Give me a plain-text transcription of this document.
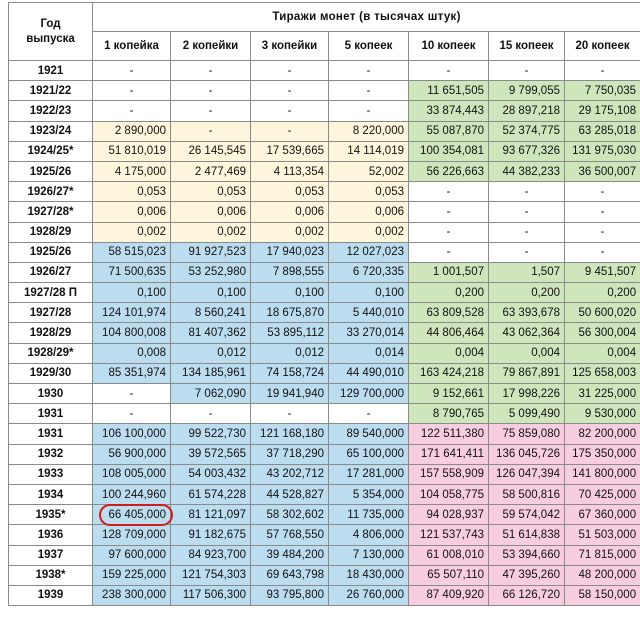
Год
выпуска	Тиражи монет (в тысячах штук)						
	1 копейка	2 копейки	3 копейки	5 копеек	10 копеек	15 копеек	20 копеек
1921	-	-	-	-	-	-	-
1921/22	-	-	-	-	11 651,505	9 799,055	7 750,035
1922/23	-	-	-	-	33 874,443	28 897,218	29 175,108
1923/24	2 890,000	-	-	8 220,000	55 087,870	52 374,775	63 285,018
1924/25*	51 810,019	26 145,545	17 539,665	14 114,019	100 354,081	93 677,326	131 975,030
1925/26	4 175,000	2 477,469	4 113,354	52,002	56 226,663	44 382,233	36 500,007
1926/27*	0,053	0,053	0,053	0,053	-	-	-
1927/28*	0,006	0,006	0,006	0,006	-	-	-
1928/29	0,002	0,002	0,002	0,002	-	-	-
1925/26	58 515,023	91 927,523	17 940,023	12 027,023	-	-	-
1926/27	71 500,635	53 252,980	7 898,555	6 720,335	1 001,507	1,507	9 451,507
1927/28 П	0,100	0,100	0,100	0,100	0,200	0,200	0,200
1927/28	124 101,974	8 560,241	18 675,870	5 440,010	63 809,528	63 393,678	50 600,020
1928/29	104 800,008	81 407,362	53 895,112	33 270,014	44 806,464	43 062,364	56 300,004
1928/29*	0,008	0,012	0,012	0,014	0,004	0,004	0,004
1929/30	85 351,974	134 185,961	74 158,724	44 490,010	163 424,218	79 867,891	125 658,003
1930	-	7 062,090	19 941,940	129 700,000	9 152,661	17 998,226	31 225,000
1931	-	-	-	-	8 790,765	5 099,490	9 530,000
1931	106 100,000	99 522,730	121 168,180	89 540,000	122 511,380	75 859,080	82 200,000
1932	56 900,000	39 572,565	37 718,290	65 100,000	171 641,411	136 045,726	175 350,000
1933	108 005,000	54 003,432	43 202,712	17 281,000	157 558,909	126 047,394	141 800,000
1934	100 244,960	61 574,228	44 528,827	5 354,000	104 058,775	58 500,816	70 425,000
1935*	66 405,000	81 121,097	58 302,602	11 735,000	94 028,937	59 574,042	67 360,000
1936	128 709,000	91 182,675	57 768,550	4 806,000	121 537,743	51 614,838	51 503,000
1937	97 600,000	84 923,700	39 484,200	7 130,000	61 008,010	53 394,660	71 815,000
1938*	159 225,000	121 754,303	69 643,798	18 430,000	65 507,110	47 395,260	48 200,000
1939	238 300,000	117 506,300	93 795,800	26 760,000	87 409,920	66 126,720	58 150,000
